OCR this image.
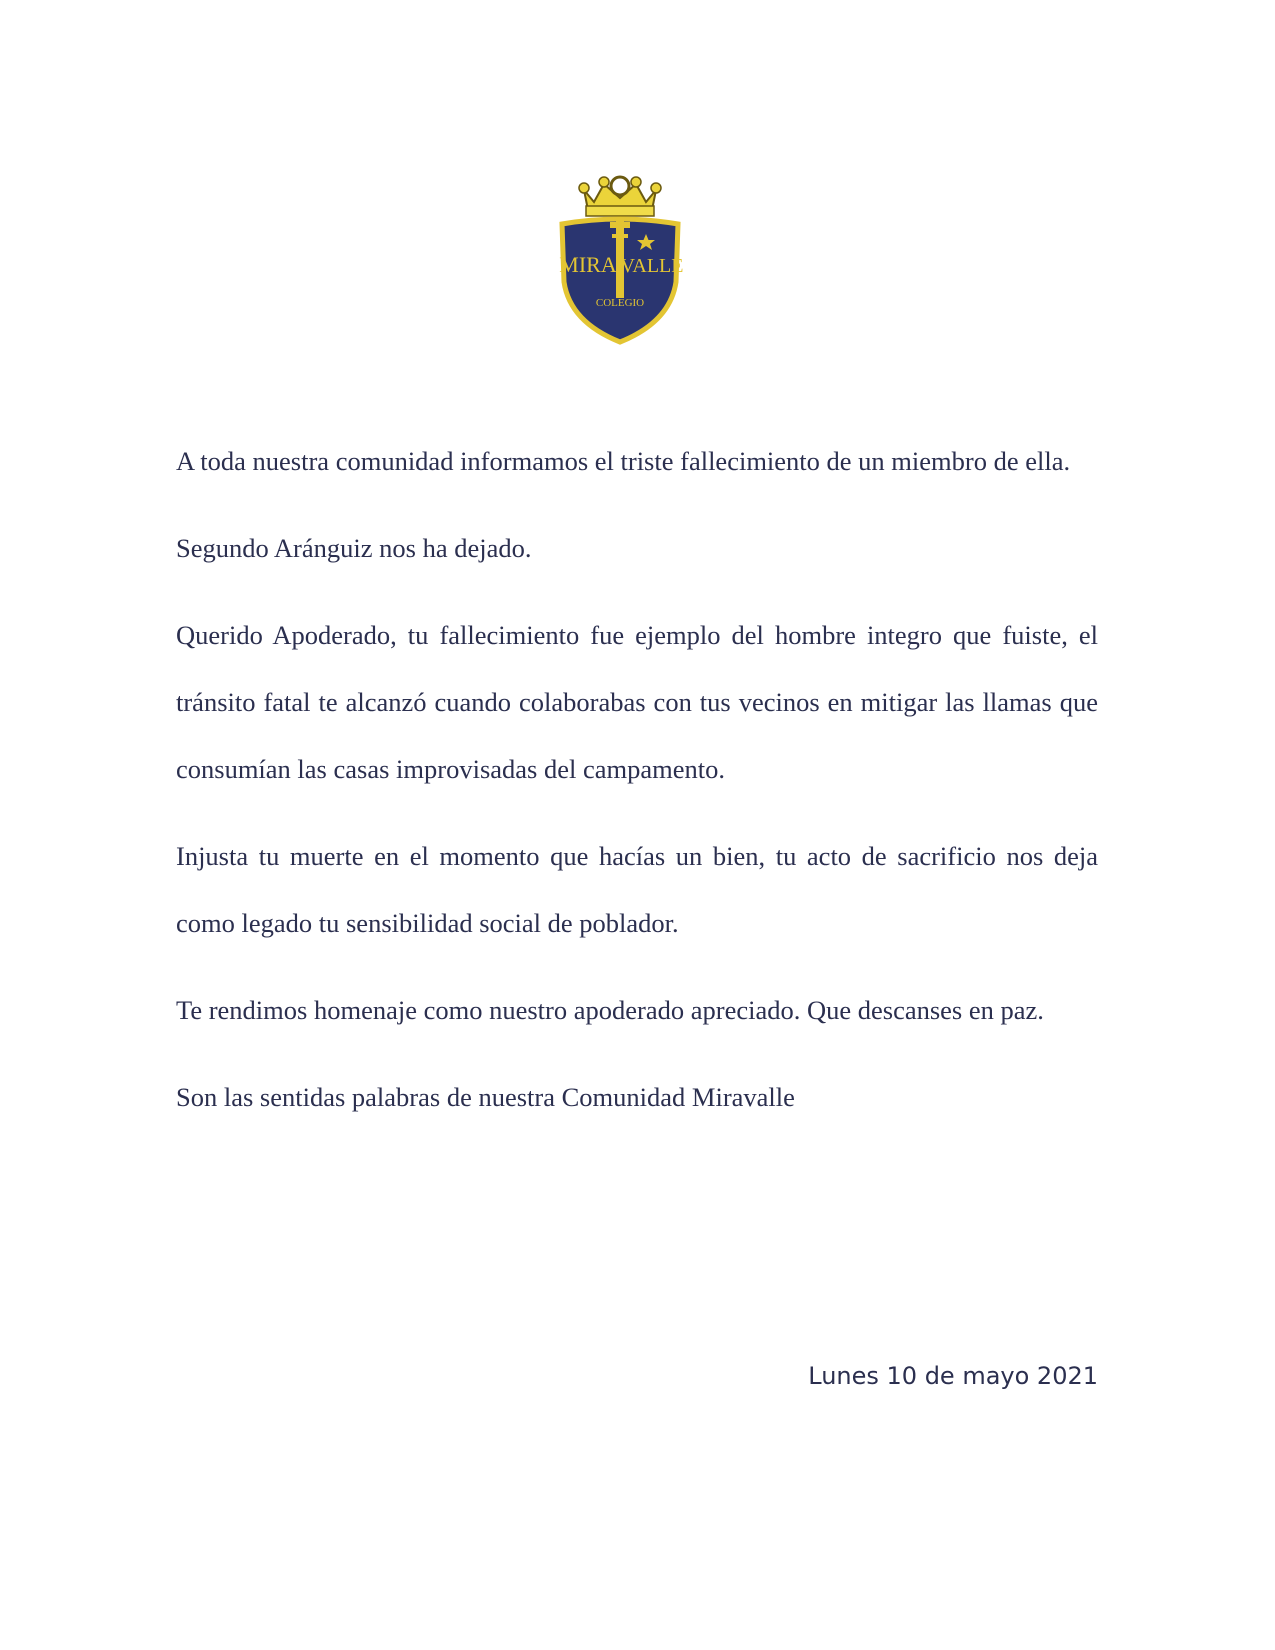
MIRA VALLE
COLEGIO

A toda nuestra comunidad informamos el triste fallecimiento de un miembro de ella.

Segundo Aránguiz nos ha dejado.

Querido Apoderado, tu fallecimiento fue ejemplo del hombre integro que fuiste, el tránsito fatal te alcanzó cuando colaborabas con tus vecinos en mitigar las llamas que consumían las casas improvisadas del campamento.

Injusta tu muerte en el momento que hacías un bien, tu acto de sacrificio nos deja como legado tu sensibilidad social de poblador.

Te rendimos homenaje como nuestro apoderado apreciado. Que descanses en paz.

Son las sentidas palabras de nuestra Comunidad Miravalle

Lunes 10 de mayo 2021
